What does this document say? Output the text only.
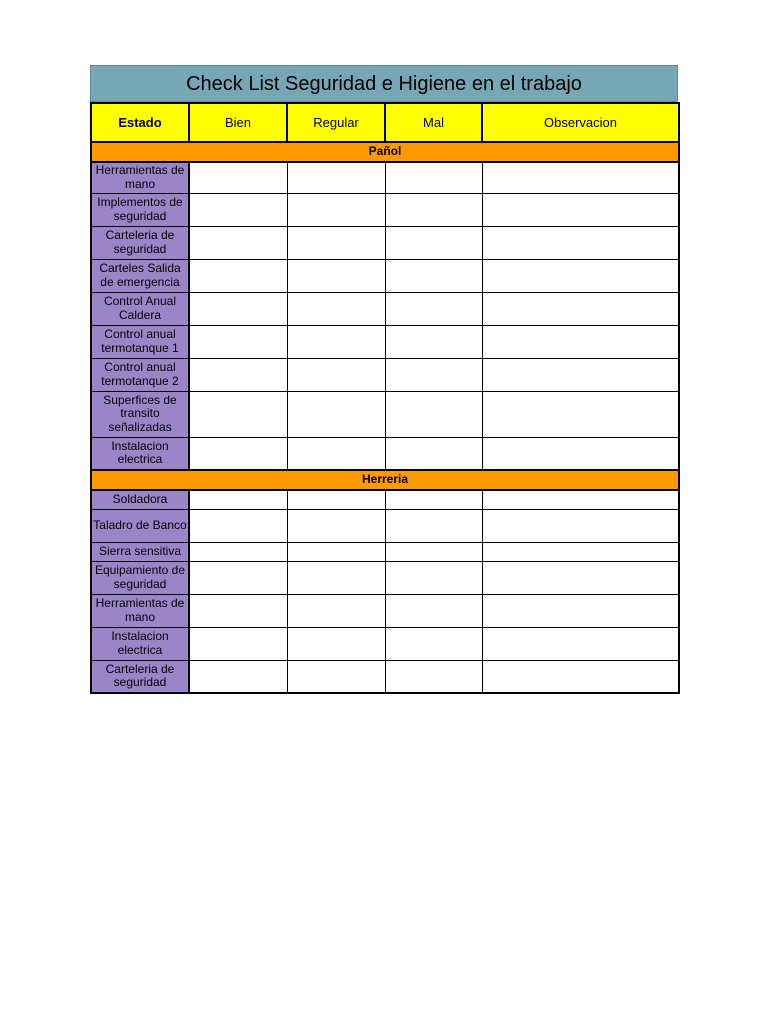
Check List Seguridad e Higiene en el trabajo
Estado	Bien	Regular	Mal	Observacion
Pañol				
Herramientas de mano				
Implementos de seguridad				
Carteleria de seguridad				
Carteles Salida de emergencia				
Control Anual Caldera				
Control anual termotanque 1				
Control anual termotanque 2				
Superfices de transito señalizadas				
Instalacion electrica				
Herreria				
Soldadora				
Taladro de Banco				
Sierra sensitiva				
Equipamiento de seguridad				
Herramientas de mano				
Instalacion electrica				
Carteleria de seguridad				
